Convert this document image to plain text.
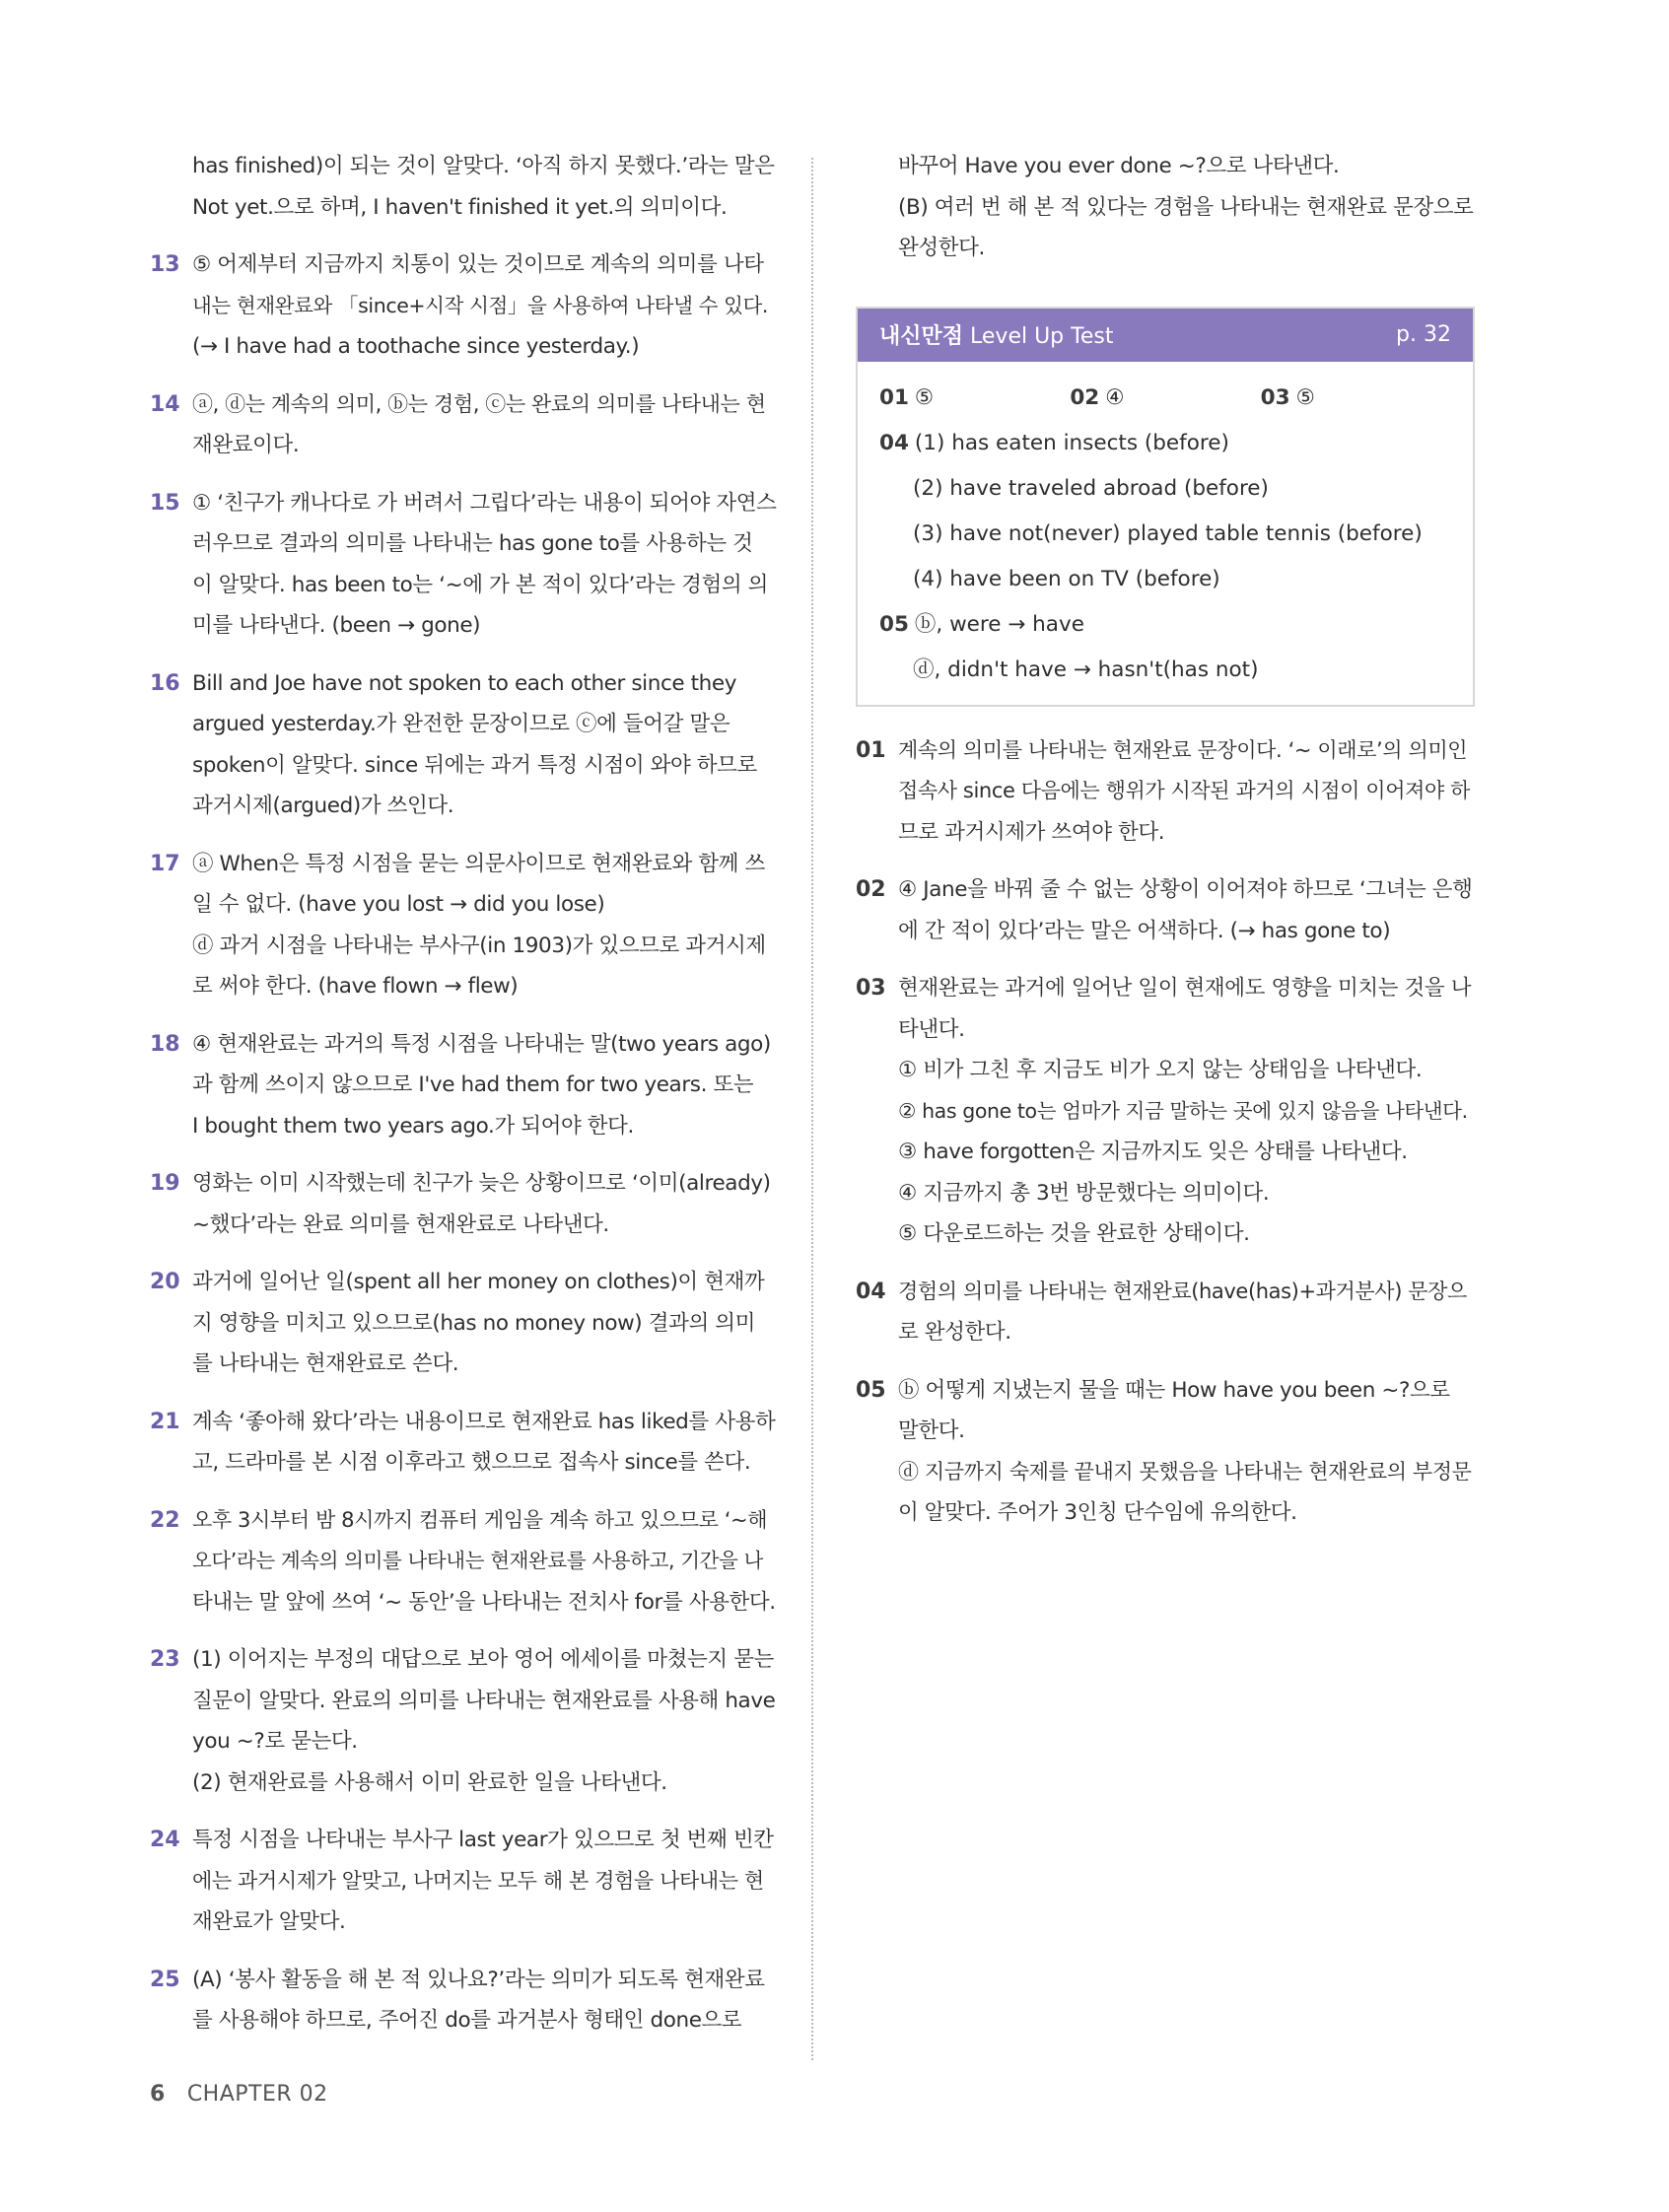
has finished)이 되는 것이 알맞다. ‘아직 하지 못했다.’라는 말은
Not yet.으로 하며, I haven't finished it yet.의 의미이다.
13 ⑤ 어제부터 지금까지 치통이 있는 것이므로 계속의 의미를 나타
내는 현재완료와 「since+시작 시점」을 사용하여 나타낼 수 있다.
(→ I have had a toothache since yesterday.)
14 ⓐ, ⓓ는 계속의 의미, ⓑ는 경험, ⓒ는 완료의 의미를 나타내는 현
재완료이다.
15 ① ‘친구가 캐나다로 가 버려서 그립다’라는 내용이 되어야 자연스
러우므로 결과의 의미를 나타내는 has gone to를 사용하는 것
이 알맞다. has been to는 ‘~에 가 본 적이 있다’라는 경험의 의
미를 나타낸다. (been → gone)
16 Bill and Joe have not spoken to each other since they
argued yesterday.가 완전한 문장이므로 ⓒ에 들어갈 말은
spoken이 알맞다. since 뒤에는 과거 특정 시점이 와야 하므로
과거시제(argued)가 쓰인다.
17 ⓐ When은 특정 시점을 묻는 의문사이므로 현재완료와 함께 쓰
일 수 없다. (have you lost → did you lose)
ⓓ 과거 시점을 나타내는 부사구(in 1903)가 있으므로 과거시제
로 써야 한다. (have flown → flew)
18 ④ 현재완료는 과거의 특정 시점을 나타내는 말(two years ago)
과 함께 쓰이지 않으므로 I've had them for two years. 또는
I bought them two years ago.가 되어야 한다.
19 영화는 이미 시작했는데 친구가 늦은 상황이므로 ‘이미(already)
~했다’라는 완료 의미를 현재완료로 나타낸다.
20 과거에 일어난 일(spent all her money on clothes)이 현재까
지 영향을 미치고 있으므로(has no money now) 결과의 의미
를 나타내는 현재완료로 쓴다.
21 계속 ‘좋아해 왔다’라는 내용이므로 현재완료 has liked를 사용하
고, 드라마를 본 시점 이후라고 했으므로 접속사 since를 쓴다.
22 오후 3시부터 밤 8시까지 컴퓨터 게임을 계속 하고 있으므로 ‘~해
오다’라는 계속의 의미를 나타내는 현재완료를 사용하고, 기간을 나
타내는 말 앞에 쓰여 ‘~ 동안’을 나타내는 전치사 for를 사용한다.
23 (1) 이어지는 부정의 대답으로 보아 영어 에세이를 마쳤는지 묻는
질문이 알맞다. 완료의 의미를 나타내는 현재완료를 사용해 have
you ~?로 묻는다.
(2) 현재완료를 사용해서 이미 완료한 일을 나타낸다.
24 특정 시점을 나타내는 부사구 last year가 있으므로 첫 번째 빈칸
에는 과거시제가 알맞고, 나머지는 모두 해 본 경험을 나타내는 현
재완료가 알맞다.
25 (A) ‘봉사 활동을 해 본 적 있나요?’라는 의미가 되도록 현재완료
를 사용해야 하므로, 주어진 do를 과거분사 형태인 done으로
바꾸어 Have you ever done ~?으로 나타낸다.
(B) 여러 번 해 본 적 있다는 경험을 나타내는 현재완료 문장으로
완성한다.
내신만점 Level Up Test	p. 32
01 ⑤	02 ④	03 ⑤
04 (1) has eaten insects (before)
(2) have traveled abroad (before)
(3) have not(never) played table tennis (before)
(4) have been on TV (before)
05 ⓑ, were → have
ⓓ, didn't have → hasn't(has not)
01 계속의 의미를 나타내는 현재완료 문장이다. ‘~ 이래로’의 의미인
접속사 since 다음에는 행위가 시작된 과거의 시점이 이어져야 하
므로 과거시제가 쓰여야 한다.
02 ④ Jane을 바꿔 줄 수 없는 상황이 이어져야 하므로 ‘그녀는 은행
에 간 적이 있다’라는 말은 어색하다. (→ has gone to)
03 현재완료는 과거에 일어난 일이 현재에도 영향을 미치는 것을 나
타낸다.
① 비가 그친 후 지금도 비가 오지 않는 상태임을 나타낸다.
② has gone to는 엄마가 지금 말하는 곳에 있지 않음을 나타낸다.
③ have forgotten은 지금까지도 잊은 상태를 나타낸다.
④ 지금까지 총 3번 방문했다는 의미이다.
⑤ 다운로드하는 것을 완료한 상태이다.
04 경험의 의미를 나타내는 현재완료(have(has)+과거분사) 문장으
로 완성한다.
05 ⓑ 어떻게 지냈는지 물을 때는 How have you been ~?으로
말한다.
ⓓ 지금까지 숙제를 끝내지 못했음을 나타내는 현재완료의 부정문
이 알맞다. 주어가 3인칭 단수임에 유의한다.
6 CHAPTER 02
